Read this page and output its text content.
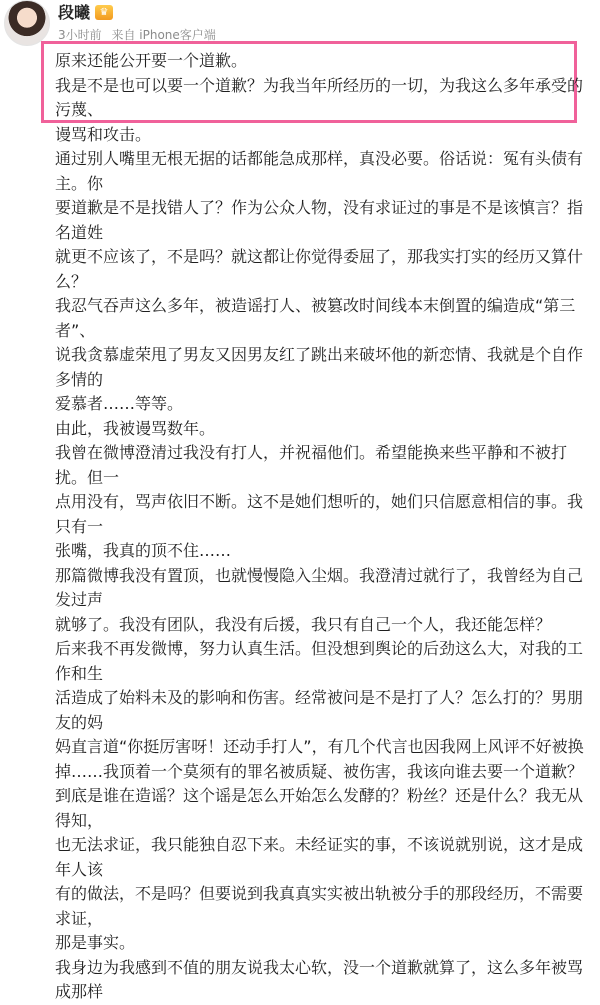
段曦 ♛
3小时前 来自 iPhone客户端

原来还能公开要一个道歉。

我是不是也可以要一个道歉？为我当年所经历的一切，为我这么多年承受的污蔑、

谩骂和攻击。

通过别人嘴里无根无据的话都能急成那样，真没必要。俗话说：冤有头债有主。你

要道歉是不是找错人了？作为公众人物，没有求证过的事是不是该慎言？指名道姓

就更不应该了，不是吗？就这都让你觉得委屈了，那我实打实的经历又算什么？

我忍气吞声这么多年，被造谣打人、被篡改时间线本末倒置的编造成“第三者”、

说我贪慕虚荣甩了男友又因男友红了跳出来破坏他的新恋情、我就是个自作多情的

爱慕者……等等。

由此，我被谩骂数年。

我曾在微博澄清过我没有打人，并祝福他们。希望能换来些平静和不被打扰。但一

点用没有，骂声依旧不断。这不是她们想听的，她们只信愿意相信的事。我只有一

张嘴，我真的顶不住……

那篇微博我没有置顶，也就慢慢隐入尘烟。我澄清过就行了，我曾经为自己发过声

就够了。我没有团队，我没有后援，我只有自己一个人，我还能怎样？

后来我不再发微博，努力认真生活。但没想到舆论的后劲这么大，对我的工作和生

活造成了始料未及的影响和伤害。经常被问是不是打了人？怎么打的？男朋友的妈

妈直言道“你挺厉害呀！还动手打人”，有几个代言也因我网上风评不好被换

掉……我顶着一个莫须有的罪名被质疑、被伤害，我该向谁去要一个道歉？

到底是谁在造谣？这个谣是怎么开始怎么发酵的？粉丝？还是什么？我无从得知，

也无法求证，我只能独自忍下来。未经证实的事，不该说就别说，这才是成年人该

有的做法，不是吗？但要说到我真真实实被出轨被分手的那段经历，不需要求证，

那是事实。

我身边为我感到不值的朋友说我太心软，没一个道歉就算了，这么多年被骂成那样
